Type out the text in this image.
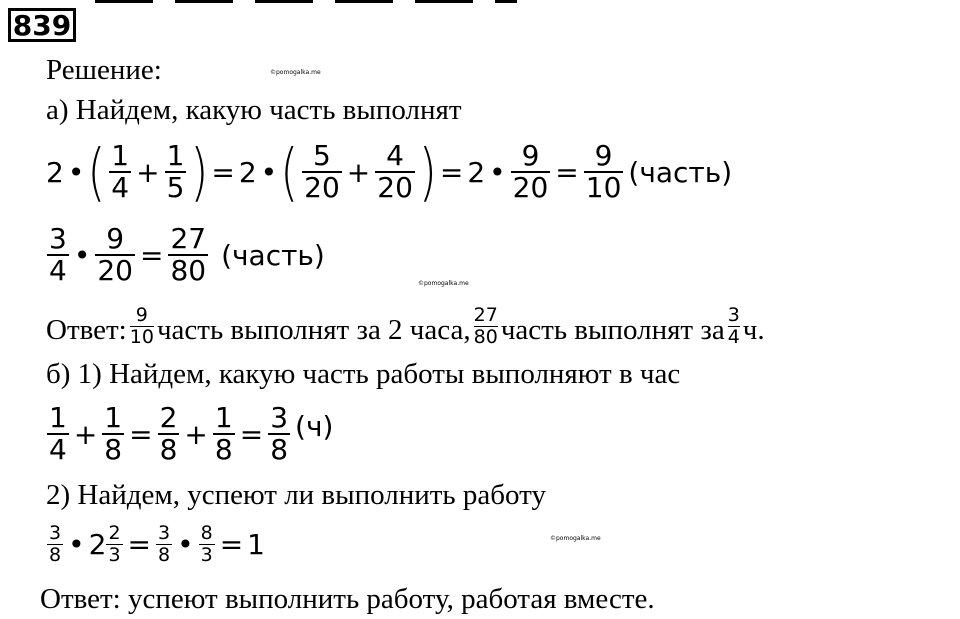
839
Решение:	©pomogalka.me
а) Найдем, какую часть выполнят
2 • ( $\frac{1}{4} + \frac{1}{5}$ ) = 2 • ( $\frac{5}{20} + \frac{4}{20}$ ) = 2 • $\frac{9}{20} = \frac{9}{10}$ (часть)
$\frac{3}{4}$ • $\frac{9}{20} = \frac{27}{80}$ (часть)
©pomogalka.me
Ответ: $\frac{9}{10}$ часть выполнят за 2 часа, $\frac{27}{80}$ часть выполнят за $\frac{3}{4} ч$.
б) 1) Найдем, какую часть работы выполняют в час
$\frac{1}{4} + \frac{1}{8} = \frac{2}{8} + \frac{1}{8} = \frac{3}{8} (ч)$
2) Найдем, успеют ли выполнить работу
$\frac{3}{8}$ • $2 \frac{2}{3} = \frac{3}{8}$ • $\frac{8}{3} = 1$	©pomogalka.me
Ответ: успеют выполнить работу, работая вместе.
